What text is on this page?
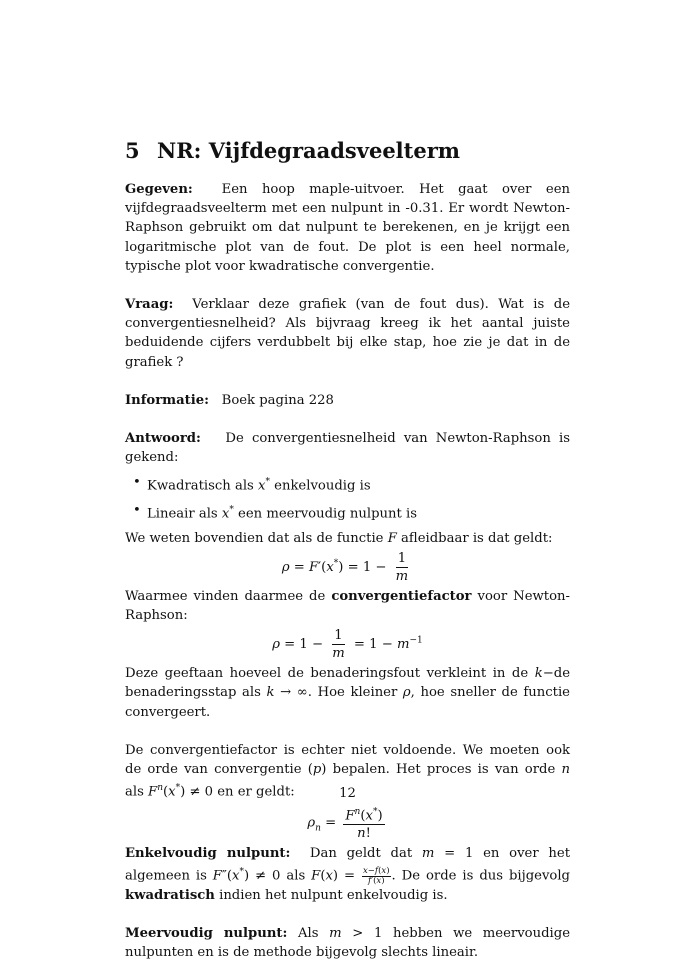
5 NR: Vijfdegraadsveelterm

Gegeven: Een hoop maple-uitvoer. Het gaat over een vijfdegraadsveelterm met een nulpunt in -0.31. Er wordt Newton-Raphson gebruikt om dat nulpunt te berekenen, en je krijgt een logaritmische plot van de fout. De plot is een heel normale, typische plot voor kwadratische convergentie.

Vraag: Verklaar deze grafiek (van de fout dus). Wat is de convergentiesnelheid? Als bijvraag kreeg ik het aantal juiste beduidende cijfers verdubbelt bij elke stap, hoe zie je dat in de grafiek ?

Informatie: Boek pagina 228

Antwoord: De convergentiesnelheid van Newton-Raphson is gekend:

• Kwadratisch als x* enkelvoudig is
• Lineair als x* een meervoudig nulpunt is

We weten bovendien dat als de functie F afleidbaar is dat geldt:

$\rho = F'(x^*) = 1 - \frac{1}{m}$

Waarmee vinden daarmee de convergentiefactor voor Newton-Raphson:

$\rho = 1 - \frac{1}{m} = 1 - m^{-1}$

Deze geeftaan hoeveel de benaderingsfout verkleint in de k−de benaderingsstap als k → ∞. Hoe kleiner ρ, hoe sneller de functie convergeert.

De convergentiefactor is echter niet voldoende. We moeten ook de orde van convergentie (p) bepalen. Het proces is van orde n als $F^n(x^*) \ne 0$ en er geldt:

$\rho_n = \frac{F^n(x^*)}{n!}$

Enkelvoudig nulpunt: Dan geldt dat m = 1 en over het algemeen is F″(x*) ≠ 0 als $F(x) = \frac{x-f(x)}{f'(x)}$ . De orde is dus bijgevolg kwadratisch indien het nulpunt enkelvoudig is.

Meervoudig nulpunt: Als m > 1 hebben we meervoudige nulpunten en is de methode bijgevolg slechts lineair.

12
